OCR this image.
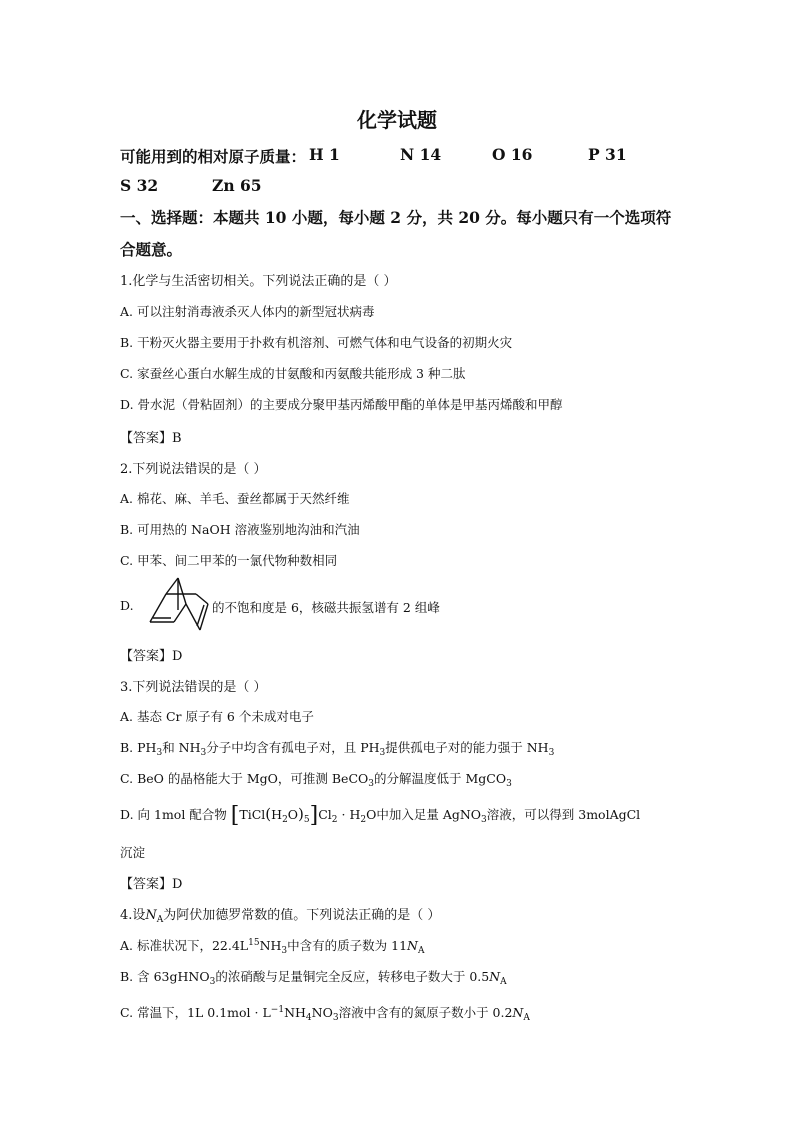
化学试题
可能用到的相对原子质量： H 1	N 14	O 16	P 31
S 32	Zn 65
一、选择题：本题共 10 小题，每小题 2 分，共 20 分。每小题只有一个选项符
合题意。
1.化学与生活密切相关。下列说法正确的是（ ）
A. 可以注射消毒液杀灭人体内的新型冠状病毒
B. 干粉灭火器主要用于扑救有机溶剂、可燃气体和电气设备的初期火灾
C. 家蚕丝心蛋白水解生成的甘氨酸和丙氨酸共能形成 3 种二肽
D. 骨水泥（骨粘固剂）的主要成分聚甲基丙烯酸甲酯的单体是甲基丙烯酸和甲醇
【答案】B
2.下列说法错误的是（ ）
A. 棉花、麻、羊毛、蚕丝都属于天然纤维
B. 可用热的 NaOH 溶液鉴别地沟油和汽油
C. 甲苯、间二甲苯的一氯代物种数相同
D.	的不饱和度是 6，核磁共振氢谱有 2 组峰
【答案】D
3.下列说法错误的是（ ）
A. 基态 Cr 原子有 6 个未成对电子
B. $PH_3$和 $NH_3$分子中均含有孤电子对，且 $PH_3$提供孤电子对的能力强于 $NH_3$
C. BeO 的晶格能大于 MgO，可推测 BeCO$_3$的分解温度低于 MgCO$_3$
D. 向 1mol 配合物 $[TiCl(H_2O)_5]Cl_2 \cdot H_2O$中加入足量 AgNO$_3$溶液，可以得到 3molAgCl
沉淀
【答案】D
4.设$N_A$为阿伏加德罗常数的值。下列说法正确的是（ ）
A. 标准状况下，$22.4L^{15}NH_3$中含有的质子数为 $11N_A$
B. 含 63gHNO$_3$的浓硝酸与足量铜完全反应，转移电子数大于 $0.5N_A$
C. 常温下，1L $0.1mol \cdot L^{-1}NH_4NO_3$溶液中含有的氮原子数小于 $0.2N_A$
